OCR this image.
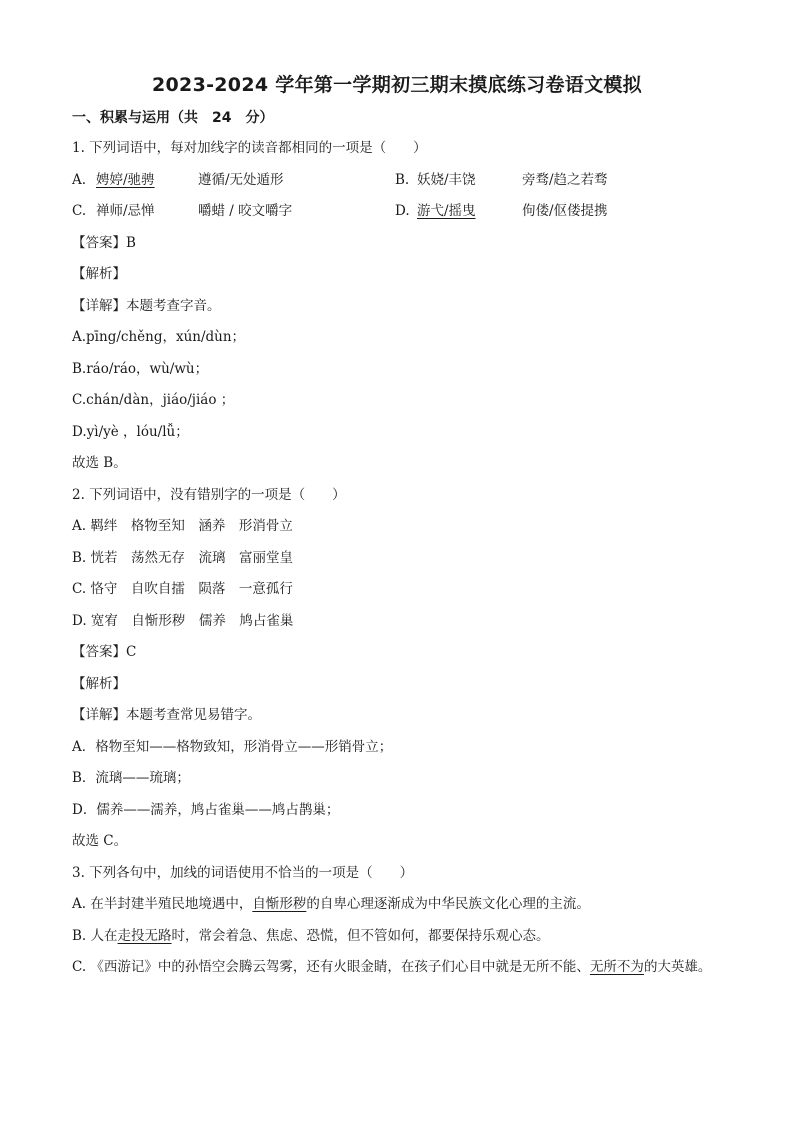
2023-2024 学年第一学期初三期末摸底练习卷语文模拟
一、积累与运用（共　24　分）
1. 下列词语中，每对加线字的读音都相同的一项是（　　）
A. 娉婷/驰骋	遵循/无处遁形	B. 妖娆/丰饶	旁骛/趋之若骛
C. 禅师/忌惮	嚼蜡 / 咬文嚼字	D. 游弋/摇曳	佝偻/伛偻提携
【答案】B
【解析】
【详解】本题考查字音。
A.pīng/chěng，xún/dùn；
B.ráo/ráo，wù/wù；
C.chán/dàn，jiáo/jiáo ；
D.yì/yè ，lóu/lǚ；
故选 B。
2. 下列词语中，没有错别字的一项是（　　）
A. 羁绊　格物至知　涵养　形消骨立
B. 恍若　荡然无存　流璃　富丽堂皇
C. 恪守　自吹自擂　陨落　一意孤行
D. 宽宥　自惭形秽　儒养　鸠占雀巢
【答案】C
【解析】
【详解】本题考查常见易错字。
A．格物至知——格物致知，形消骨立——形销骨立；
B．流璃——琉璃；
D．儒养——濡养，鸠占雀巢——鸠占鹊巢；
故选 C。
3. 下列各句中，加线的词语使用不恰当的一项是（　　）
A. 在半封建半殖民地境遇中，自惭形秽的自卑心理逐渐成为中华民族文化心理的主流。
B. 人在走投无路时，常会着急、焦虑、恐慌，但不管如何，都要保持乐观心态。
C. 《西游记》中的孙悟空会腾云驾雾，还有火眼金睛，在孩子们心目中就是无所不能、无所不为的大英雄。
